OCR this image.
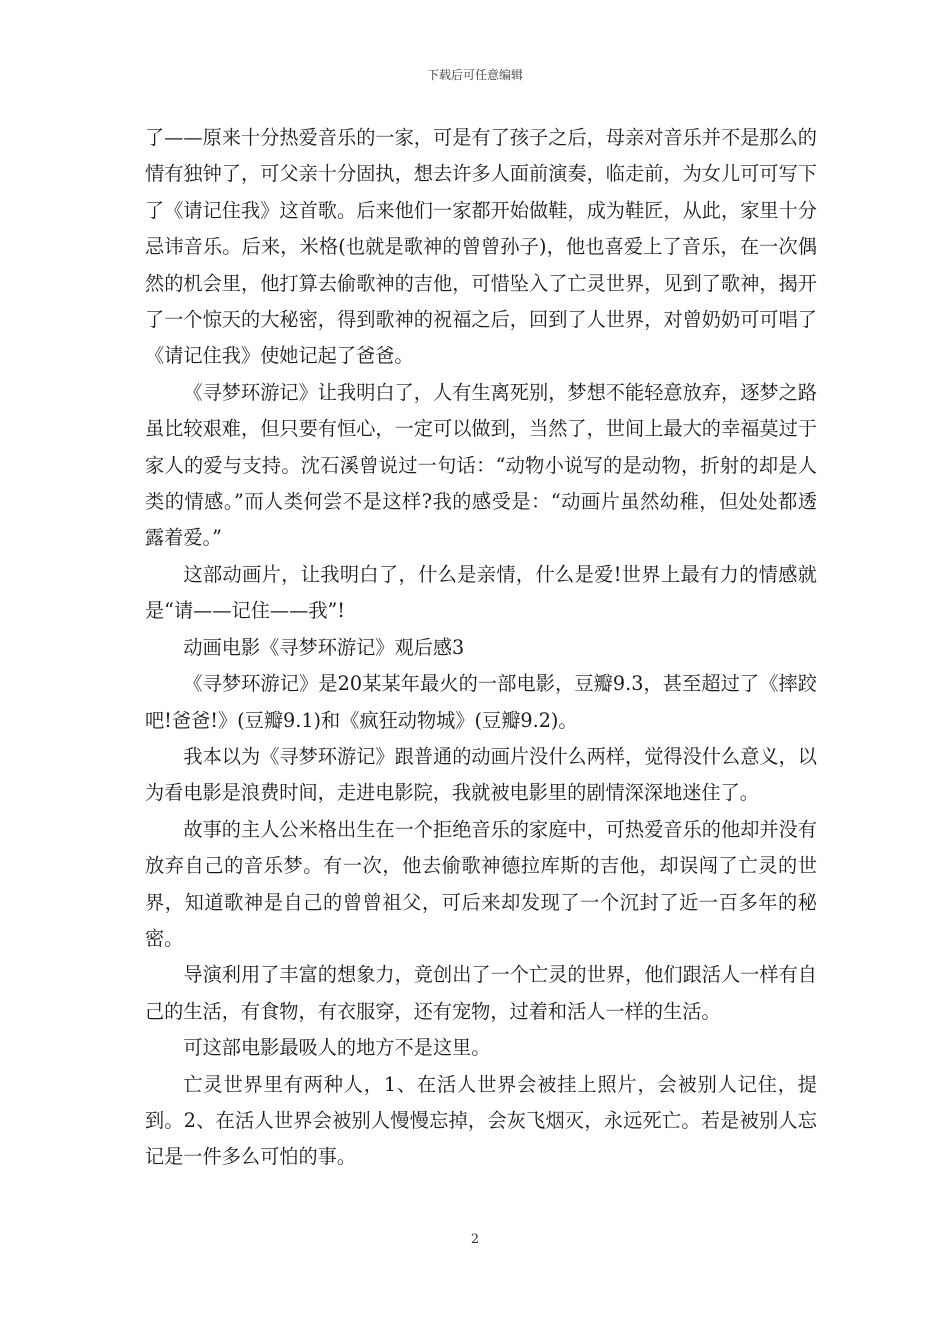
下载后可任意编辑

了——原来十分热爱音乐的一家，可是有了孩子之后，母亲对音乐并不是那么的情有独钟了，可父亲十分固执，想去许多人面前演奏，临走前，为女儿可可写下了《请记住我》这首歌。后来他们一家都开始做鞋，成为鞋匠，从此，家里十分忌讳音乐。后来，米格(也就是歌神的曾曾孙子)，他也喜爱上了音乐，在一次偶然的机会里，他打算去偷歌神的吉他，可惜坠入了亡灵世界，见到了歌神，揭开了一个惊天的大秘密，得到歌神的祝福之后，回到了人世界，对曾奶奶可可唱了《请记住我》使她记起了爸爸。

《寻梦环游记》让我明白了，人有生离死别，梦想不能轻意放弃，逐梦之路虽比较艰难，但只要有恒心，一定可以做到，当然了，世间上最大的幸福莫过于家人的爱与支持。沈石溪曾说过一句话：“动物小说写的是动物，折射的却是人类的情感。”而人类何尝不是这样?我的感受是：“动画片虽然幼稚，但处处都透露着爱。”

这部动画片，让我明白了，什么是亲情，什么是爱!世界上最有力的情感就是“请——记住——我”!

动画电影《寻梦环游记》观后感3

《寻梦环游记》是20某某年最火的一部电影，豆瓣9.3，甚至超过了《摔跤吧!爸爸!》(豆瓣9.1)和《疯狂动物城》(豆瓣9.2)。

我本以为《寻梦环游记》跟普通的动画片没什么两样，觉得没什么意义，以为看电影是浪费时间，走进电影院，我就被电影里的剧情深深地迷住了。

故事的主人公米格出生在一个拒绝音乐的家庭中，可热爱音乐的他却并没有放弃自己的音乐梦。有一次，他去偷歌神德拉库斯的吉他，却误闯了亡灵的世界，知道歌神是自己的曾曾祖父，可后来却发现了一个沉封了近一百多年的秘密。

导演利用了丰富的想象力，竟创出了一个亡灵的世界，他们跟活人一样有自己的生活，有食物，有衣服穿，还有宠物，过着和活人一样的生活。

可这部电影最吸人的地方不是这里。

亡灵世界里有两种人，1、在活人世界会被挂上照片，会被别人记住，提到。2、在活人世界会被别人慢慢忘掉，会灰飞烟灭，永远死亡。若是被别人忘记是一件多么可怕的事。

2
